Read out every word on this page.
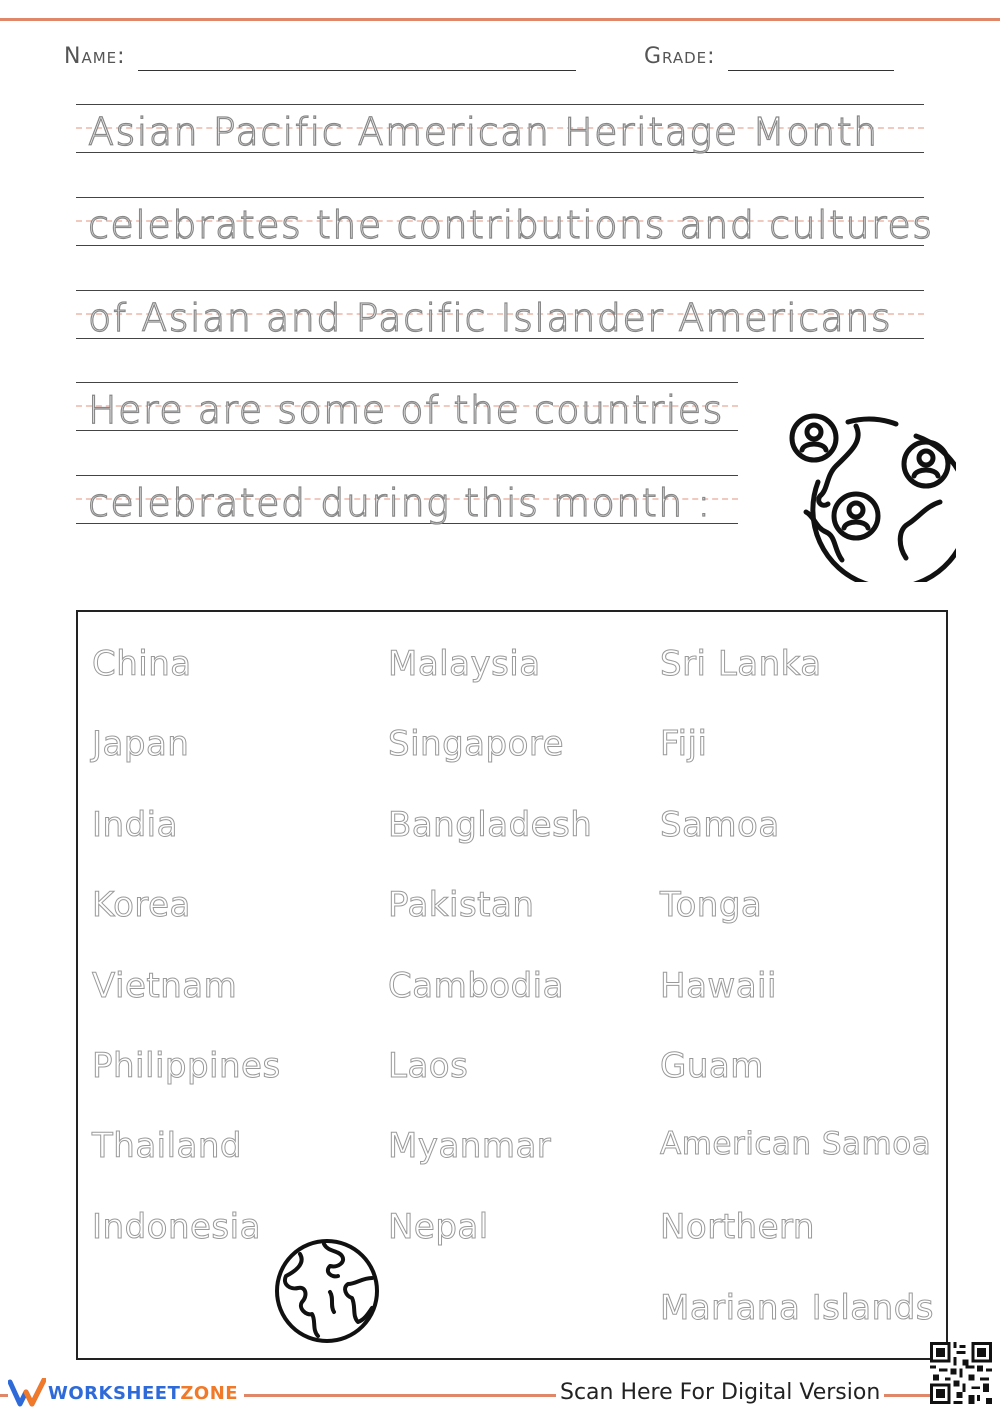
Name:	Grade:
Asian Pacific American Heritage Month
celebrates the contributions and cultures
of Asian and Pacific Islander Americans
Here are some of the countries
celebrated during this month :
China
Japan
India
Korea
Vietnam
Philippines
Thailand
Indonesia
Malaysia
Singapore
Bangladesh
Pakistan
Cambodia
Laos
Myanmar
Nepal
Sri Lanka
Fiji
Samoa
Tonga
Hawaii
Guam
American Samoa
Northern
Mariana Islands
WORKSHEETZONE	Scan Here For Digital Version
